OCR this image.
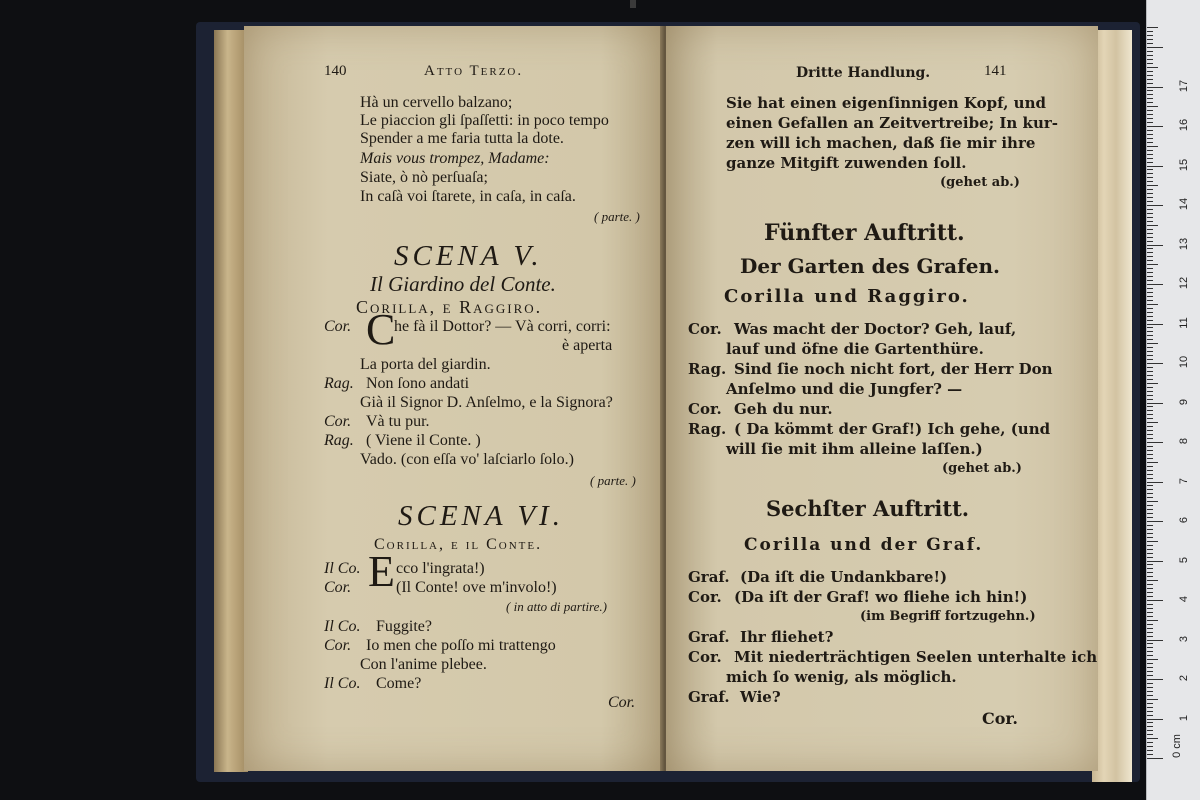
140	Atto Terzo.
Hà un cervello balzano;
Le piaccion gli ſpaſſetti: in poco tempo
Spender a me faria tutta la dote.
Mais vous trompez, Madame:
Siate, ò nò perſuaſa;
In caſà voi ſtarete, in caſa, in caſa.
( parte. )
SCENA V.
Il Giardino del Conte.
Corilla, e Raggiro.
Cor. C
he fà il Dottor? — Và corri, corri:
è aperta
La porta del giardin.
Rag. Non ſono andati
Già il Signor D. Anſelmo, e la Signora?
Cor. Và tu pur.
Rag. ( Viene il Conte. )
Vado. (con eſſa vo' laſciarlo ſolo.)
( parte. )
SCENA VI.
Corilla, e il Conte.
Il Co. E cco l'ingrata!)
Cor.	(Il Conte! ove m'involo!)
( in atto di partire.)
Il Co. Fuggite?
Cor. Io men che poſſo mi trattengo
Con l'anime plebee.
Il Co. Come?
Cor.
Dritte Handlung.	141
Sie hat einen eigenſinnigen Kopf, und
einen Gefallen an Zeitvertreibe; In kur-
zen will ich machen, daß ſie mir ihre
ganze Mitgift zuwenden ſoll.
(gehet ab.)
Fünfter Auftritt.
Der Garten des Grafen.
Corilla und Raggiro.
Cor. Was macht der Doctor? Geh, lauf,
lauf und öfne die Gartenthüre.
Rag. Sind ſie noch nicht fort, der Herr Don
Anſelmo und die Jungfer? —
Cor. Geh du nur.
Rag. ( Da kömmt der Graf!) Ich gehe, (und
will ſie mit ihm alleine laſſen.)
(gehet ab.)
Sechſter Auftritt.
Corilla und der Graf.
Graf. (Da iſt die Undankbare!)
Cor. (Da iſt der Graf! wo fliehe ich hin!)
(im Begriff fortzugehn.)
Graf. Ihr fliehet?
Cor. Mit niederträchtigen Seelen unterhalte ich
mich ſo wenig, als möglich.
Graf. Wie?
Cor.
0 cm
1
2
3
4
5
6
7
8
9
10
11
12
13
14
15
16
17
